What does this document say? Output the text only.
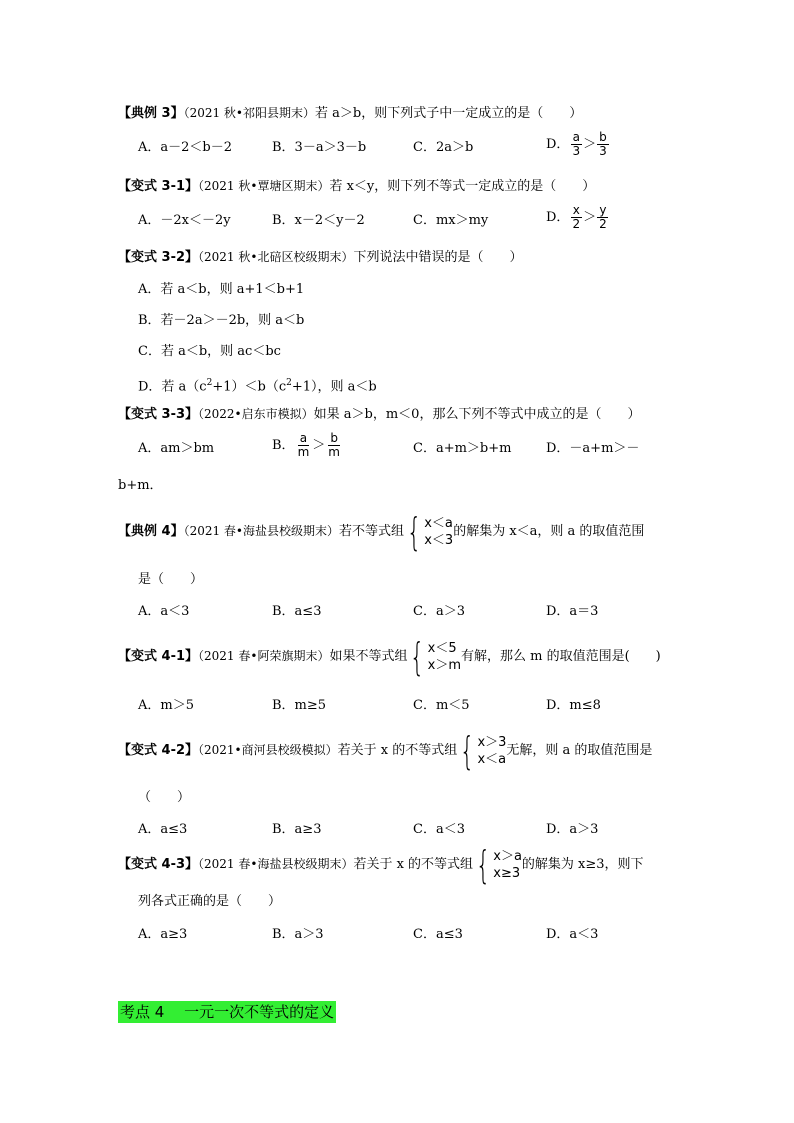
【典例 3】（2021 秋•祁阳县期末）若 a＞b，则下列式子中一定成立的是（　　）
A．a－2＜b－2	B．3－a＞3－b	C．2a＞b	D． $\frac{a}{3} > \frac{b}{3}$
【变式 3-1】（2021 秋•覃塘区期末）若 x＜y，则下列不等式一定成立的是（　　）
A．－2x＜－2y	B．x－2＜y－2	C．mx＞my	D． $\frac{x}{2} > \frac{y}{2}$
【变式 3-2】（2021 秋•北碚区校级期末）下列说法中错误的是（　　）
A．若 a＜b，则 a+1＜b+1
B．若－2a＞－2b，则 a＜b
C．若 a＜b，则 ac＜bc
D．若 $a(c^2+1)<b(c^2+1)$，则 a＜b
【变式 3-3】（2022•启东市模拟）如果 a＞b，m＜0，那么下列不等式中成立的是（　　）
A．am＞bm	B． $\frac{a}{m} > \frac{b}{m}$	C．a+m＞b+m	D．－a+m＞－
b+m．
【典例 4】（2021 春•海盐县校级期末）若不等式组 { x＜a
x＜3
的解集为 x＜a，则 a 的取值范围
是（　　）
A．a＜3	B．a≤3	C．a＞3	D．a＝3
【变式 4-1】（2021 春•阿荣旗期末）如果不等式组 { x＜5
x＞m
有解，那么 m 的取值范围是(　　)
A．m＞5	B．m≥5	C．m＜5	D．m≤8
【变式 4-2】（2021•商河县校级模拟）若关于 x 的不等式组 { x＞3
x＜a
无解，则 a 的取值范围是
（　　）
A．a≤3	B．a≥3	C．a＜3	D．a＞3
【变式 4-3】（2021 春•海盐县校级期末）若关于 x 的不等式组 { x＞a
x≥3
的解集为 x≥3，则下
列各式正确的是（　　）
A．a≥3	B．a＞3	C．a≤3	D．a＜3
考点 4 　一元一次不等式的定义
